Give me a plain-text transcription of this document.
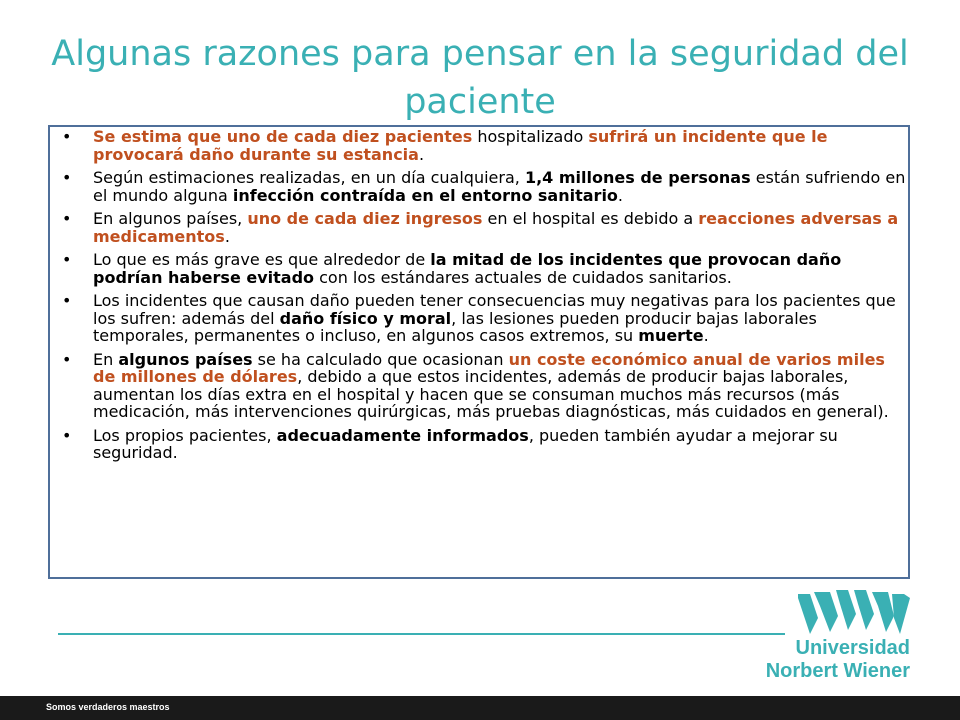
Algunas razones para pensar en la seguridad del paciente
• Se estima que uno de cada diez pacientes hospitalizado sufrirá un incidente que le provocará daño durante su estancia.
• Según estimaciones realizadas, en un día cualquiera, 1,4 millones de personas están sufriendo en el mundo alguna infección contraída en el entorno sanitario.
• En algunos países, uno de cada diez ingresos en el hospital es debido a reacciones adversas a medicamentos.
• Lo que es más grave es que alrededor de la mitad de los incidentes que provocan daño podrían haberse evitado con los estándares actuales de cuidados sanitarios.
• Los incidentes que causan daño pueden tener consecuencias muy negativas para los pacientes que los sufren: además del daño físico y moral, las lesiones pueden producir bajas laborales temporales, permanentes o incluso, en algunos casos extremos, su muerte.
• En algunos países se ha calculado que ocasionan un coste económico anual de varios miles de millones de dólares, debido a que estos incidentes, además de producir bajas laborales, aumentan los días extra en el hospital y hacen que se consuman muchos más recursos (más medicación, más intervenciones quirúrgicas, más pruebas diagnósticas, más cuidados en general).
• Los propios pacientes, adecuadamente informados, pueden también ayudar a mejorar su seguridad.
Universidad
Norbert Wiener
Somos verdaderos maestros
